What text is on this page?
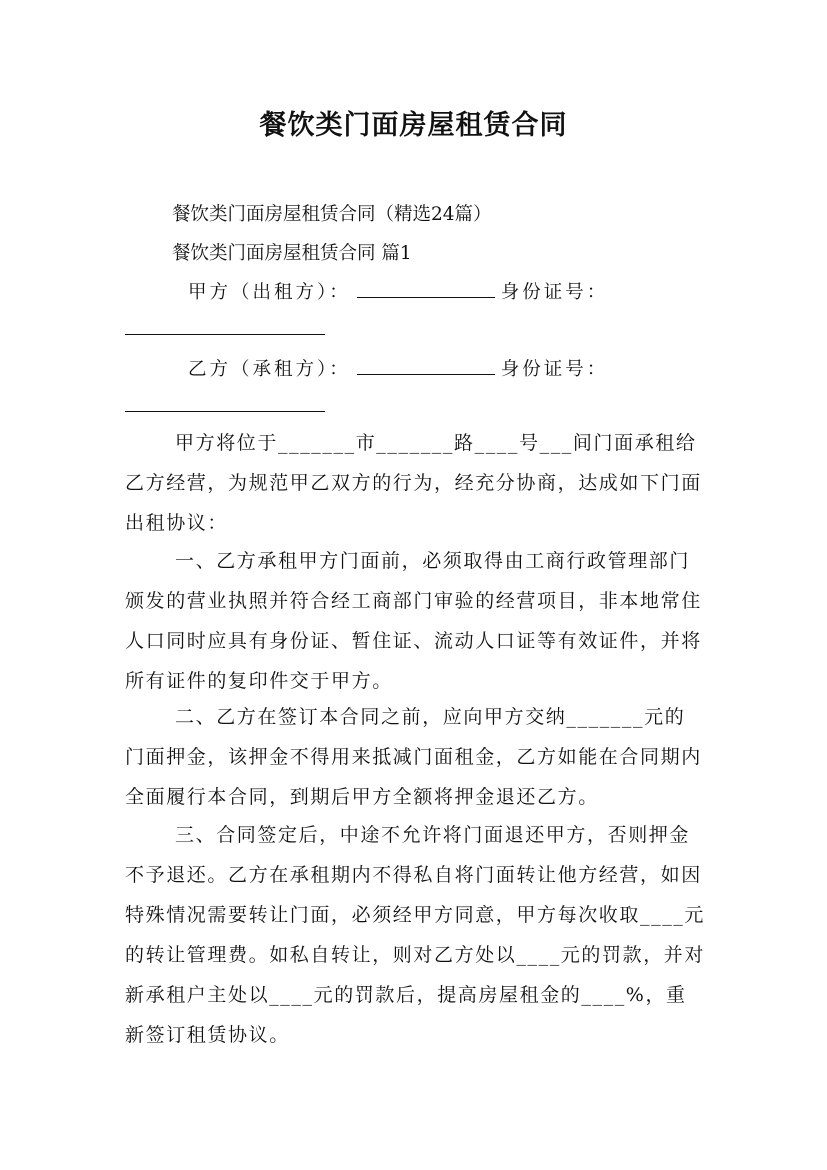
餐饮类门面房屋租赁合同
餐饮类门面房屋租赁合同（精选24篇）
餐饮类门面房屋租赁合同 篇1
甲方（出租方）：	身份证号：
乙方（承租方）：	身份证号：
甲方将位于_______市_______路____号___间门面承租给乙方经营，为规范甲乙双方的行为，经充分协商，达成如下门面出租协议：
一、乙方承租甲方门面前，必须取得由工商行政管理部门颁发的营业执照并符合经工商部门审验的经营项目，非本地常住人口同时应具有身份证、暂住证、流动人口证等有效证件，并将所有证件的复印件交于甲方。
二、乙方在签订本合同之前，应向甲方交纳_______元的门面押金，该押金不得用来抵减门面租金，乙方如能在合同期内全面履行本合同，到期后甲方全额将押金退还乙方。
三、合同签定后，中途不允许将门面退还甲方，否则押金不予退还。乙方在承租期内不得私自将门面转让他方经营，如因特殊情况需要转让门面，必须经甲方同意，甲方每次收取____元的转让管理费。如私自转让，则对乙方处以____元的罚款，并对新承租户主处以____元的罚款后，提高房屋租金的____%，重新签订租赁协议。
